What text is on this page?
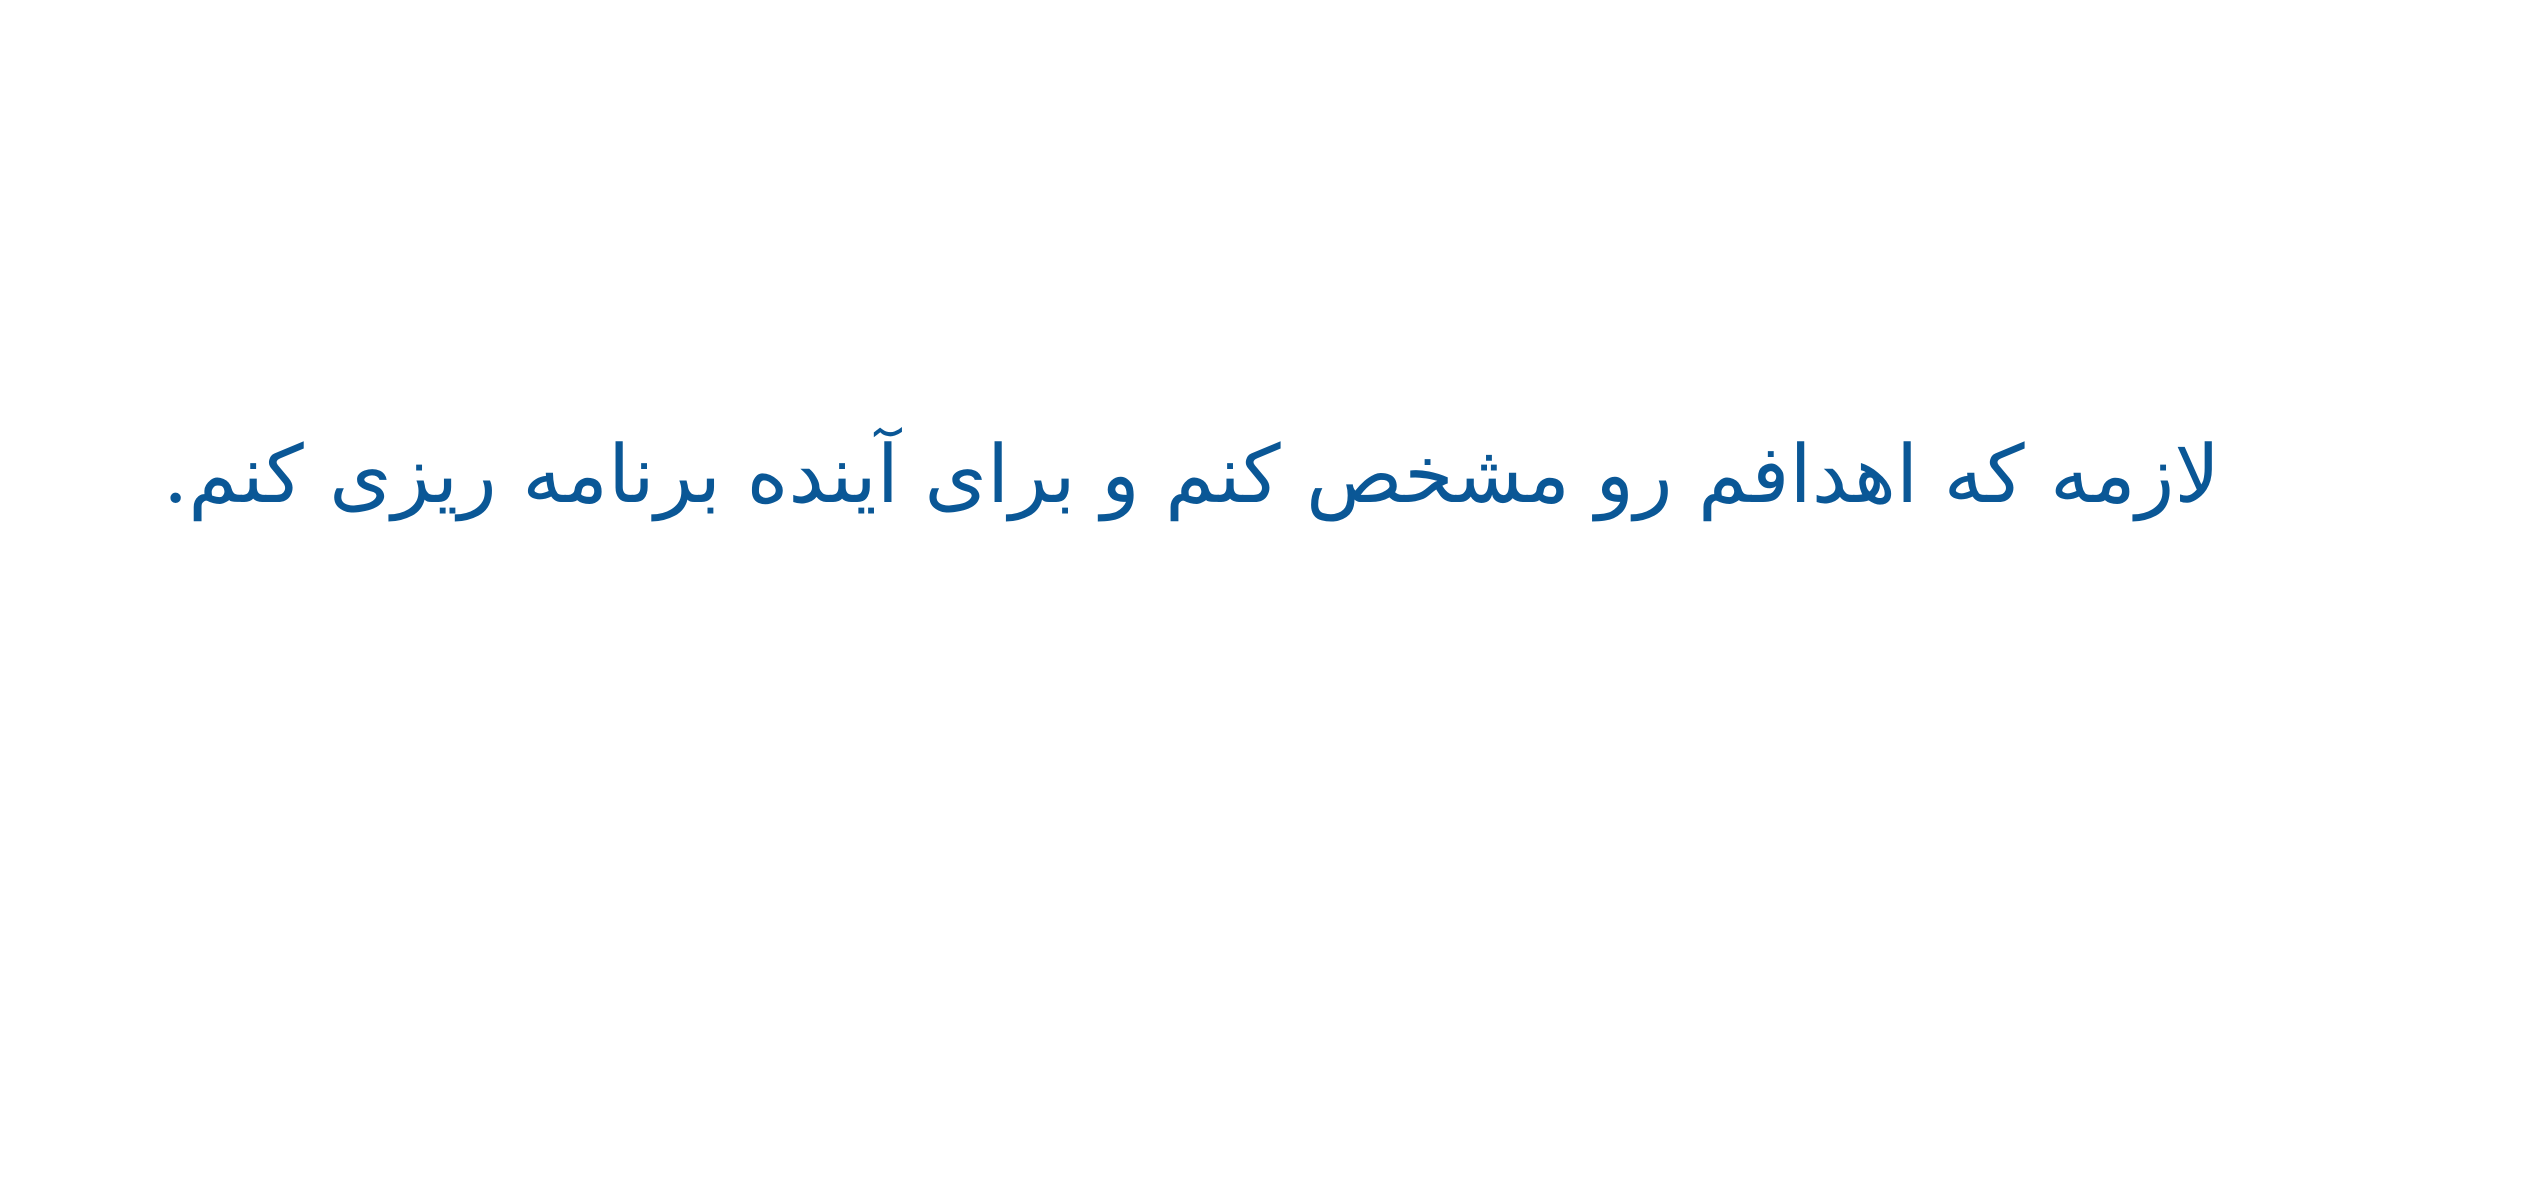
لازمه که اهدافم رو مشخص کنم و برای آینده برنامه ریزی کنم.
